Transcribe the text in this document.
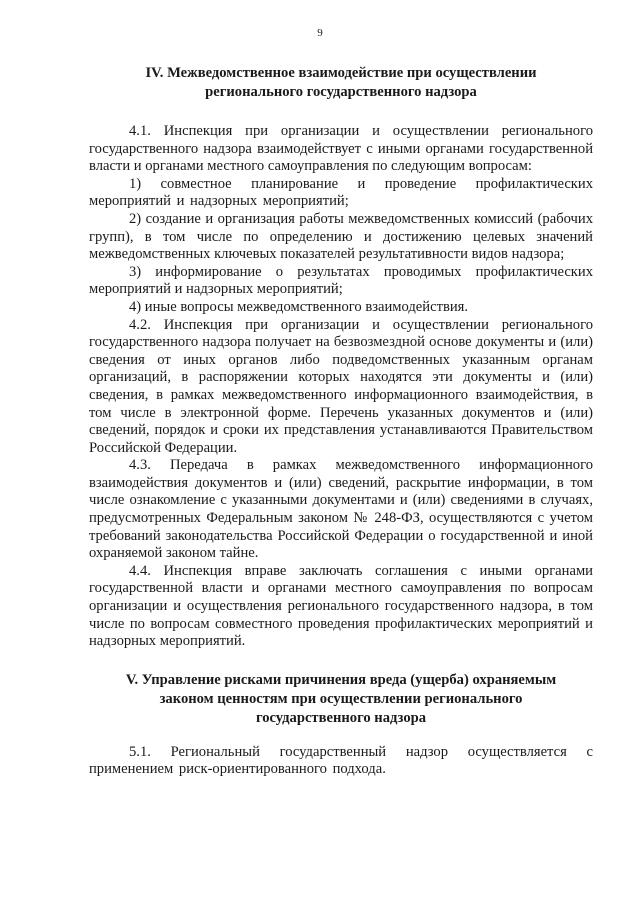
9
IV. Межведомственное взаимодействие при осуществлении
регионального государственного надзора

4.1. Инспекция при организации и осуществлении регионального государственного надзора взаимодействует с иными органами государственной власти и органами местного самоуправления по следующим вопросам:

1) совместное планирование и проведение профилактических мероприятий и надзорных мероприятий;

2) создание и организация работы межведомственных комиссий (рабочих групп), в том числе по определению и достижению целевых значений межведомственных ключевых показателей результативности видов надзора;

3) информирование о результатах проводимых профилактических мероприятий и надзорных мероприятий;

4) иные вопросы межведомственного взаимодействия.

4.2. Инспекция при организации и осуществлении регионального государственного надзора получает на безвозмездной основе документы и (или) сведения от иных органов либо подведомственных указанным органам организаций, в распоряжении которых находятся эти документы и (или) сведения, в рамках межведомственного информационного взаимодействия, в том числе в электронной форме. Перечень указанных документов и (или) сведений, порядок и сроки их представления устанавливаются Правительством Российской Федерации.

4.3. Передача в рамках межведомственного информационного взаимодействия документов и (или) сведений, раскрытие информации, в том числе ознакомление с указанными документами и (или) сведениями в случаях, предусмотренных Федеральным законом № 248-ФЗ, осуществляются с учетом требований законодательства Российской Федерации о государственной и иной охраняемой законом тайне.

4.4. Инспекция вправе заключать соглашения с иными органами государственной власти и органами местного самоуправления по вопросам организации и осуществления регионального государственного надзора, в том числе по вопросам совместного проведения профилактических мероприятий и надзорных мероприятий.

V. Управление рисками причинения вреда (ущерба) охраняемым
законом ценностям при осуществлении регионального
государственного надзора

5.1. Региональный государственный надзор осуществляется с применением риск-ориентированного подхода.
